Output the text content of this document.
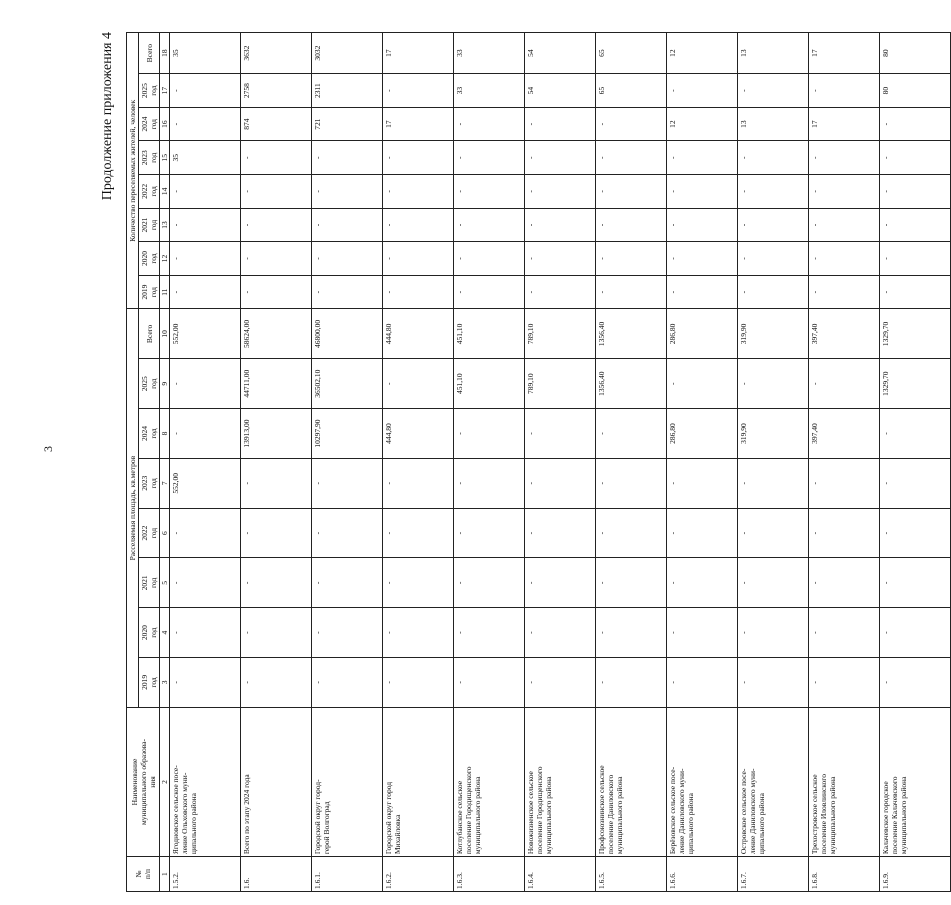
3
Продолжение приложения 4
№
п/п	Наименование
муниципального образова-
ния	Расселяемая площадь, кв.метров								Количество переселяемых жителей, человек							
		2019
год	2020
год	2021
год	2022
год	2023
год	2024
год	2025
год	Всего	2019
год	2020
год	2021
год	2022
год	2023
год	2024
год	2025
год	Всего
1	2	3	4	5	6	7	8	9	10	11	12	13	14	15	16	17	18
1.5.2.	Ягодновское сельское посе-
ление Ольховского муни-
ципального района	-	-	-	-	552,00	-	-	552,00	-	-	-	-	35	-	-	35
1.6.	Всего по этапу 2024 года	-	-	-	-	-	13913,00	44711,00	58624,00	-	-	-	-	-	874	2758	3632
1.6.1.	Городской округ город-
герой Волгоград	-	-	-	-	-	10297,90	36502,10	46800,00	-	-	-	-	-	721	2311	3032
1.6.2.	Городской округ город
Михайловка	-	-	-	-	-	444,80	-	444,80	-	-	-	-	-	17	-	17
1.6.3.	Котлубанское сельское
поселение Городищенского
муниципального района	-	-	-	-	-	-	451,10	451,10	-	-	-	-	-	-	33	33
1.6.4.	Новожизненское сельское
поселение Городищенского
муниципального района	-	-	-	-	-	-	789,10	789,10	-	-	-	-	-	-	54	54
1.6.5.	Профсоюзнинское сельское
поселение Даниловского
муниципального района	-	-	-	-	-	-	1356,40	1356,40	-	-	-	-	-	-	65	65
1.6.6.	Берёзовское сельское посе-
ление Даниловского муни-
ципального района	-	-	-	-	-	286,80	-	286,80	-	-	-	-	-	12	-	12
1.6.7.	Островское сельское посе-
ление Даниловского муни-
ципального района	-	-	-	-	-	319,90	-	319,90	-	-	-	-	-	13	-	13
1.6.8.	Трехостровское сельское
поселение Иловлинского
муниципального района	-	-	-	-	-	397,40	-	397,40	-	-	-	-	-	17	-	17
1.6.9.	Калачевское городское
поселение Калачевского
муниципального района	-	-	-	-	-	-	1329,70	1329,70	-	-	-	-	-	-	80	80
